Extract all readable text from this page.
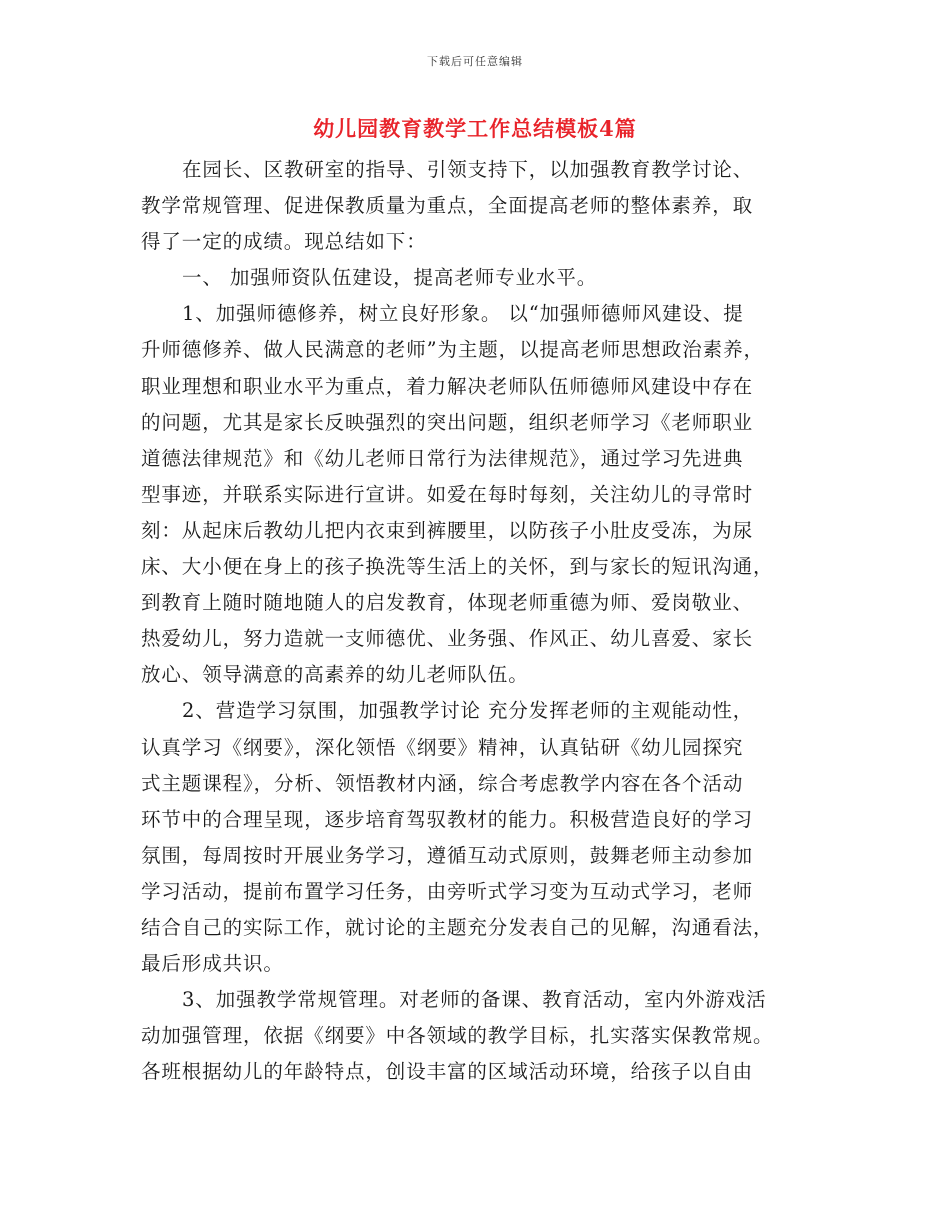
下载后可任意编辑
幼儿园教育教学工作总结模板4篇
在园长、区教研室的指导、引领支持下，以加强教育教学讨论、
教学常规管理、促进保教质量为重点，全面提高老师的整体素养，取
得了一定的成绩。现总结如下：
一、 加强师资队伍建设，提高老师专业水平。
1、加强师德修养，树立良好形象。 以“加强师德师风建设、提
升师德修养、做人民满意的老师”为主题，以提高老师思想政治素养，
职业理想和职业水平为重点，着力解决老师队伍师德师风建设中存在
的问题，尤其是家长反映强烈的突出问题，组织老师学习《老师职业
道德法律规范》和《幼儿老师日常行为法律规范》，通过学习先进典
型事迹，并联系实际进行宣讲。如爱在每时每刻，关注幼儿的寻常时
刻：从起床后教幼儿把内衣束到裤腰里，以防孩子小肚皮受冻，为尿
床、大小便在身上的孩子换洗等生活上的关怀，到与家长的短讯沟通，
到教育上随时随地随人的启发教育，体现老师重德为师、爱岗敬业、
热爱幼儿，努力造就一支师德优、业务强、作风正、幼儿喜爱、家长
放心、领导满意的高素养的幼儿老师队伍。
2、营造学习氛围，加强教学讨论 充分发挥老师的主观能动性，
认真学习《纲要》，深化领悟《纲要》精神，认真钻研《幼儿园探究
式主题课程》，分析、领悟教材内涵，综合考虑教学内容在各个活动
环节中的合理呈现，逐步培育驾驭教材的能力。积极营造良好的学习
氛围，每周按时开展业务学习，遵循互动式原则，鼓舞老师主动参加
学习活动，提前布置学习任务，由旁听式学习变为互动式学习，老师
结合自己的实际工作，就讨论的主题充分发表自己的见解，沟通看法，
最后形成共识。
3、加强教学常规管理。对老师的备课、教育活动，室内外游戏活
动加强管理，依据《纲要》中各领域的教学目标，扎实落实保教常规。
各班根据幼儿的年龄特点，创设丰富的区域活动环境，给孩子以自由
